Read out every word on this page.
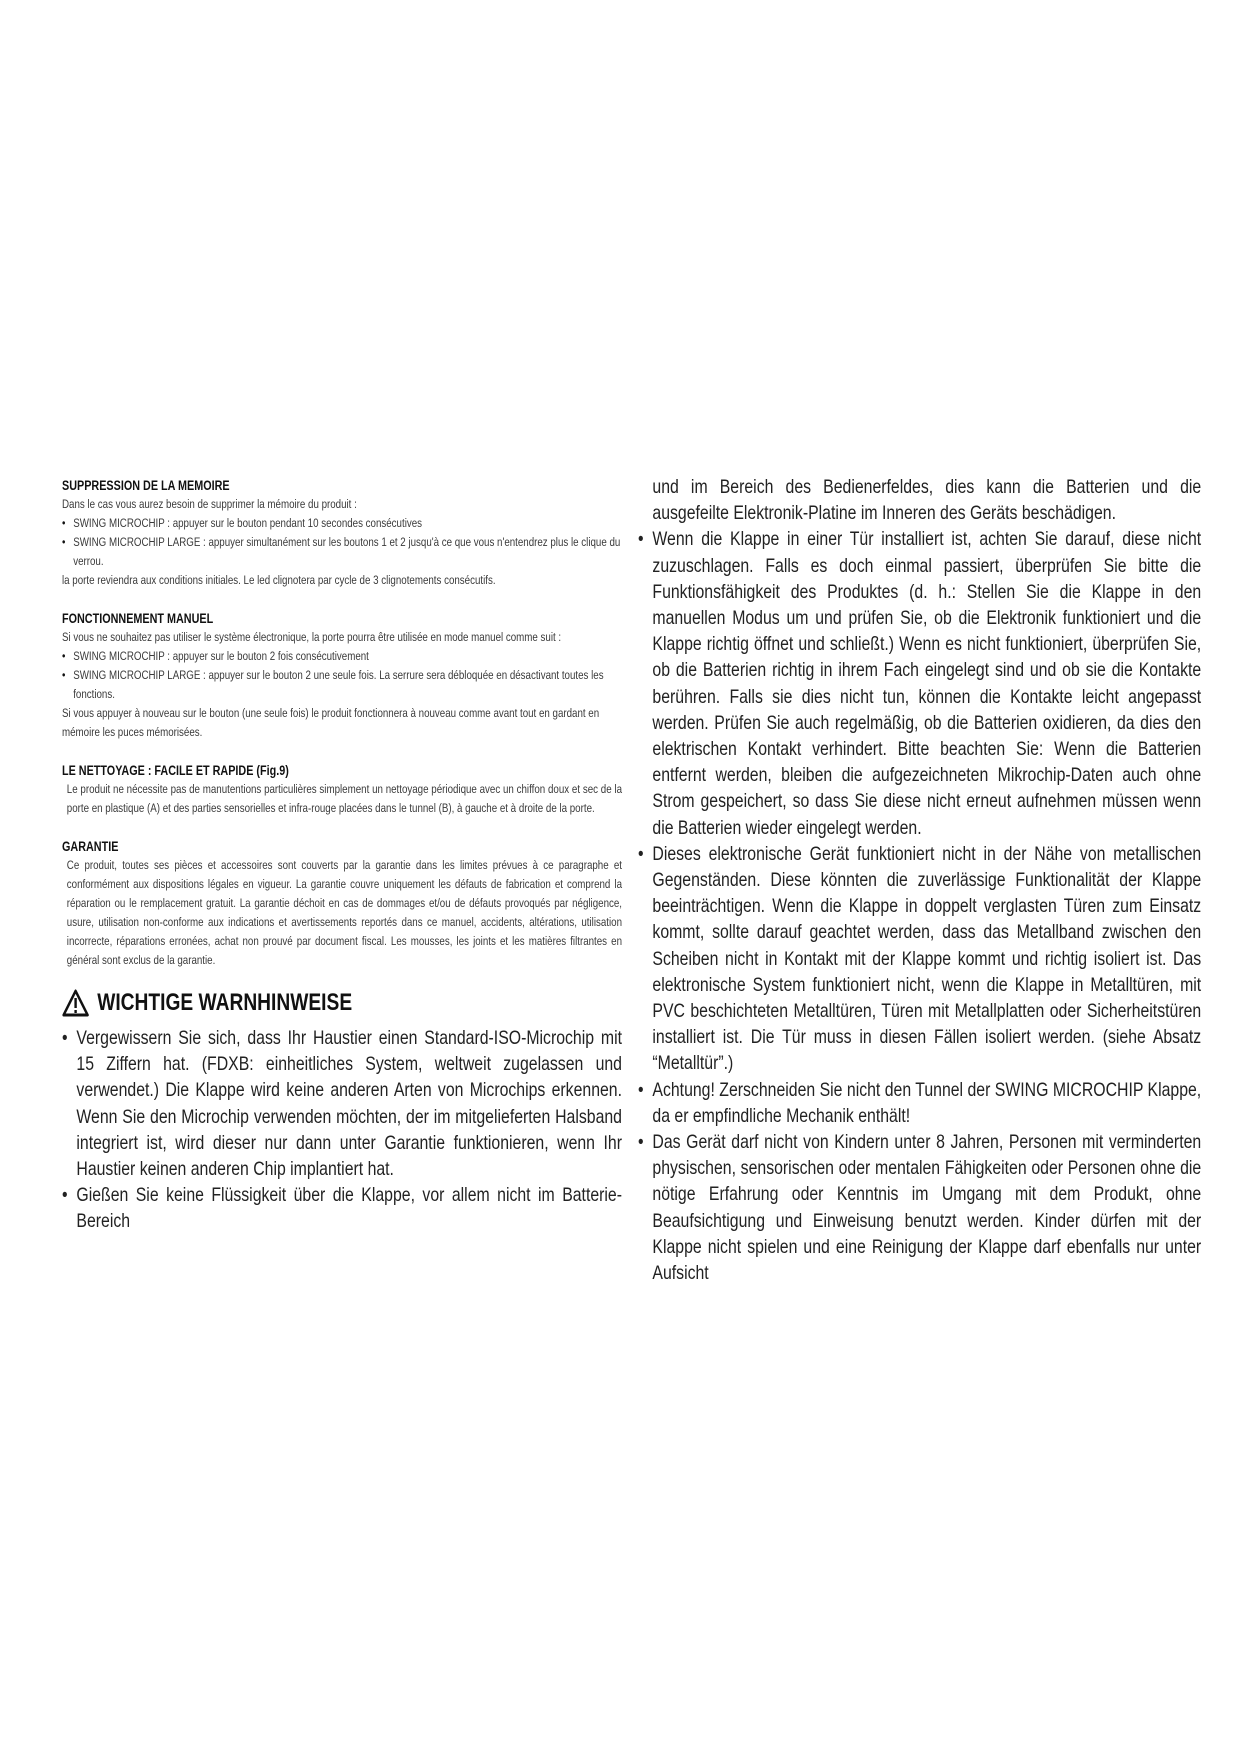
SUPPRESSION DE LA MEMOIRE

Dans le cas vous aurez besoin de supprimer la mémoire du produit :

• SWING MICROCHIP : appuyer sur le bouton pendant 10 secondes consécutives
• SWING MICROCHIP LARGE : appuyer simultanément sur les boutons 1 et 2 jusqu'à ce que vous n'entendrez plus le clique du verrou.

la porte reviendra aux conditions initiales. Le led clignotera par cycle de 3 clignotements consécutifs.

FONCTIONNEMENT MANUEL

Si vous ne souhaitez pas utiliser le système électronique, la porte pourra être utilisée en mode manuel comme suit :

• SWING MICROCHIP : appuyer sur le bouton 2 fois consécutivement
• SWING MICROCHIP LARGE : appuyer sur le bouton 2 une seule fois. La serrure sera débloquée en désactivant toutes les fonctions.

Si vous appuyer à nouveau sur le bouton (une seule fois) le produit fonctionnera à nouveau comme avant tout en gardant en mémoire les puces mémorisées.

LE NETTOYAGE : FACILE ET RAPIDE (Fig.9)

Le produit ne nécessite pas de manutentions particulières simplement un nettoyage périodique avec un chiffon doux et sec de la porte en plastique (A) et des parties sensorielles et infra-rouge placées dans le tunnel (B), à gauche et à droite de la porte.

GARANTIE

Ce produit, toutes ses pièces et accessoires sont couverts par la garantie dans les limites prévues à ce paragraphe et conformément aux dispositions légales en vigueur. La garantie couvre uniquement les défauts de fabrication et comprend la réparation ou le remplacement gratuit. La garantie déchoit en cas de dommages et/ou de défauts provoqués par négligence, usure, utilisation non-conforme aux indications et avertissements reportés dans ce manuel, accidents, altérations, utilisation incorrecte, réparations erronées, achat non prouvé par document fiscal. Les mousses, les joints et les matières filtrantes en général sont exclus de la garantie.

WICHTIGE WARNHINWEISE
• Vergewissern Sie sich, dass Ihr Haustier einen Standard-ISO-Microchip mit 15 Ziffern hat. (FDXB: einheitliches System, weltweit zugelassen und verwendet.) Die Klappe wird keine anderen Arten von Microchips erkennen. Wenn Sie den Microchip verwenden möchten, der im mitgelieferten Halsband integriert ist, wird dieser nur dann unter Garantie funktionieren, wenn Ihr Haustier keinen anderen Chip implantiert hat.
• Gießen Sie keine Flüssigkeit über die Klappe, vor allem nicht im Batterie-Bereich

und im Bereich des Bedienerfeldes, dies kann die Batterien und die ausgefeilte Elektronik-Platine im Inneren des Geräts beschädigen.

• Wenn die Klappe in einer Tür installiert ist, achten Sie darauf, diese nicht zuzuschlagen. Falls es doch einmal passiert, überprüfen Sie bitte die Funktionsfähigkeit des Produktes (d. h.: Stellen Sie die Klappe in den manuellen Modus um und prüfen Sie, ob die Elektronik funktioniert und die Klappe richtig öffnet und schließt.) Wenn es nicht funktioniert, überprüfen Sie, ob die Batterien richtig in ihrem Fach eingelegt sind und ob sie die Kontakte berühren. Falls sie dies nicht tun, können die Kontakte leicht angepasst werden. Prüfen Sie auch regelmäßig, ob die Batterien oxidieren, da dies den elektrischen Kontakt verhindert. Bitte beachten Sie: Wenn die Batterien entfernt werden, bleiben die aufgezeichneten Mikrochip-Daten auch ohne Strom gespeichert, so dass Sie diese nicht erneut aufnehmen müssen wenn die Batterien wieder eingelegt werden.
• Dieses elektronische Gerät funktioniert nicht in der Nähe von metallischen Gegenständen. Diese könnten die zuverlässige Funktionalität der Klappe beeinträchtigen. Wenn die Klappe in doppelt verglasten Türen zum Einsatz kommt, sollte darauf geachtet werden, dass das Metallband zwischen den Scheiben nicht in Kontakt mit der Klappe kommt und richtig isoliert ist. Das elektronische System funktioniert nicht, wenn die Klappe in Metalltüren, mit PVC beschichteten Metalltüren, Türen mit Metallplatten oder Sicherheitstüren installiert ist. Die Tür muss in diesen Fällen isoliert werden. (siehe Absatz “Metalltür”.)
• Achtung! Zerschneiden Sie nicht den Tunnel der SWING MICROCHIP Klappe, da er empfindliche Mechanik enthält!
• Das Gerät darf nicht von Kindern unter 8 Jahren, Personen mit verminderten physischen, sensorischen oder mentalen Fähigkeiten oder Personen ohne die nötige Erfahrung oder Kenntnis im Umgang mit dem Produkt, ohne Beaufsichtigung und Einweisung benutzt werden. Kinder dürfen mit der Klappe nicht spielen und eine Reinigung der Klappe darf ebenfalls nur unter Aufsicht
